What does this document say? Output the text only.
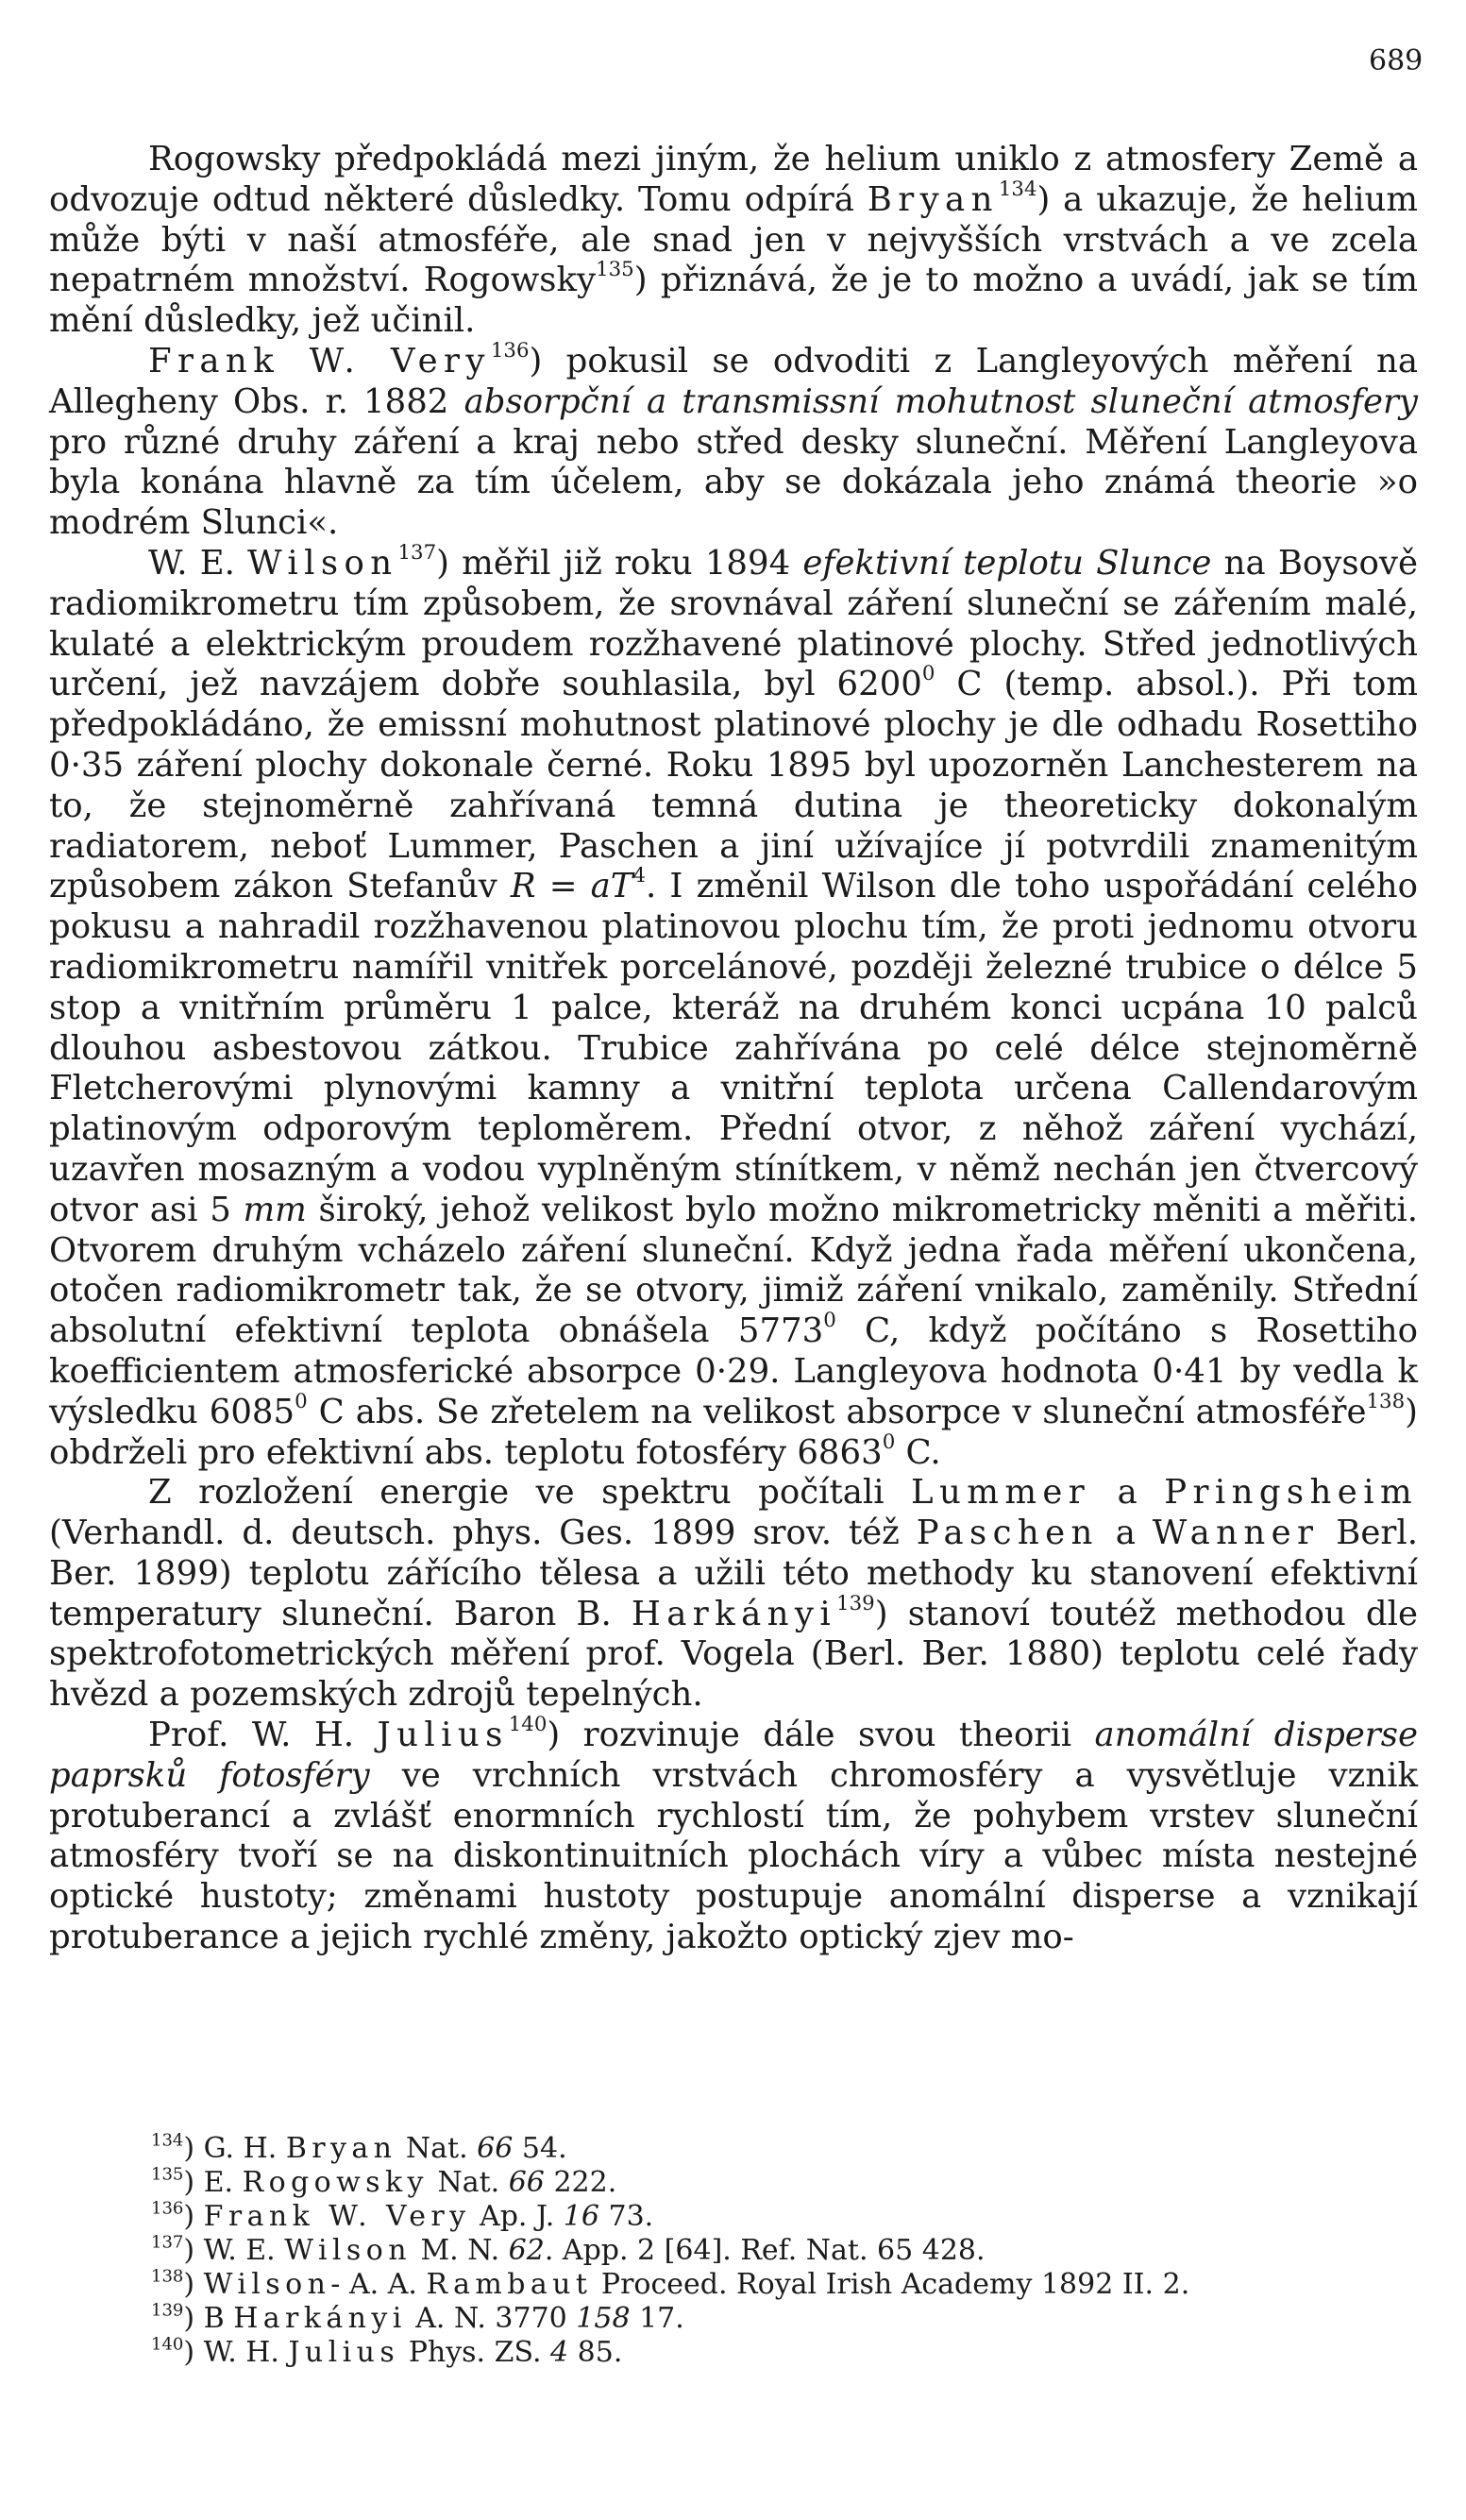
689

Rogowsky předpokládá mezi jiným, že helium uniklo z atmosfery Země a odvozuje odtud některé důsledky. Tomu odpírá Bryan$^{134}$) a ukazuje, že helium může býti v naší atmosféře, ale snad jen v nejvyšších vrstvách a ve zcela nepatrném množství. Rogowsky$^{135}$) přiznává, že je to možno a uvádí, jak se tím mění důsledky, jež učinil.

Frank W. Very$^{136}$) pokusil se odvoditi z Langleyových měření na Allegheny Obs. r. 1882 absorpční a transmissní mohutnost sluneční atmosfery pro různé druhy záření a kraj nebo střed desky sluneční. Měření Langleyova byla konána hlavně za tím účelem, aby se dokázala jeho známá theorie »o modrém Slunci«.

W. E. Wilson$^{137}$) měřil již roku 1894 efektivní teplotu Slunce na Boysově radiomikrometru tím způsobem, že srovnával záření sluneční se zářením malé, kulaté a elektrickým proudem rozžhavené platinové plochy. Střed jednotlivých určení, jež navzájem dobře souhlasila, byl 6200$^0$ C (temp. absol.). Při tom předpokládáno, že emissní mohutnost platinové plochy je dle odhadu Rosettiho 0·35 záření plochy dokonale černé. Roku 1895 byl upozorněn Lanchesterem na to, že stejnoměrně zahřívaná temná dutina je theoreticky dokonalým radiatorem, neboť Lummer, Paschen a jiní užívajíce jí potvrdili znamenitým způsobem zákon Stefanův $R = aT^4$. I změnil Wilson dle toho uspořádání celého pokusu a nahradil rozžhavenou platinovou plochu tím, že proti jednomu otvoru radiomikrometru namířil vnitřek porcelánové, později železné trubice o délce 5 stop a vnitřním průměru 1 palce, kteráž na druhém konci ucpána 10 palců dlouhou asbestovou zátkou. Trubice zahřívána po celé délce stejnoměrně Fletcherovými plynovými kamny a vnitřní teplota určena Callendarovým platinovým odporovým teploměrem. Přední otvor, z něhož záření vychází, uzavřen mosazným a vodou vyplněným stínítkem, v němž nechán jen čtvercový otvor asi 5 mm široký, jehož velikost bylo možno mikrometricky měniti a měřiti. Otvorem druhým vcházelo záření sluneční. Když jedna řada měření ukončena, otočen radiomikrometr tak, že se otvory, jimiž záření vnikalo, zaměnily. Střední absolutní efektivní teplota obnášela 5773$^0$ C, když počítáno s Rosettiho koefficientem atmosferické absorpce 0·29. Langleyova hodnota 0·41 by vedla k výsledku 6085$^0$ C abs. Se zřetelem na velikost absorpce v sluneční atmosféře$^{138}$) obdrželi pro efektivní abs. teplotu fotosféry 6863$^0$ C.

Z rozložení energie ve spektru počítali Lummer a Pringsheim (Verhandl. d. deutsch. phys. Ges. 1899 srov. též Paschen a Wanner Berl. Ber. 1899) teplotu zářícího tělesa a užili této methody ku stanovení efektivní temperatury sluneční. Baron B. Harkányi$^{139}$) stanoví toutéž methodou dle spektrofotometrických měření prof. Vogela (Berl. Ber. 1880) teplotu celé řady hvězd a pozemských zdrojů tepelných.

Prof. W. H. Julius$^{140}$) rozvinuje dále svou theorii anomální disperse paprsků fotosféry ve vrchních vrstvách chromosféry a vysvětluje vznik protuberancí a zvlášť enormních rychlostí tím, že pohybem vrstev sluneční atmosféry tvoří se na diskontinuitních plochách víry a vůbec místa nestejné optické hustoty; změnami hustoty postupuje anomální disperse a vznikají protuberance a jejich rychlé změny, jakožto optický zjev mo-

$^{134}$) G. H. Bryan Nat. 66 54.
$^{135}$) E. Rogowsky Nat. 66 222.
$^{136}$) Frank W. Very Ap. J. 16 73.
$^{137}$) W. E. Wilson M. N. 62. App. 2 [64]. Ref. Nat. 65 428.
$^{138}$) Wilson- A. A. Rambaut Proceed. Royal Irish Academy 1892 II. 2.
$^{139}$) B Harkányi A. N. 3770 158 17.
$^{140}$) W. H. Julius Phys. ZS. 4 85.
